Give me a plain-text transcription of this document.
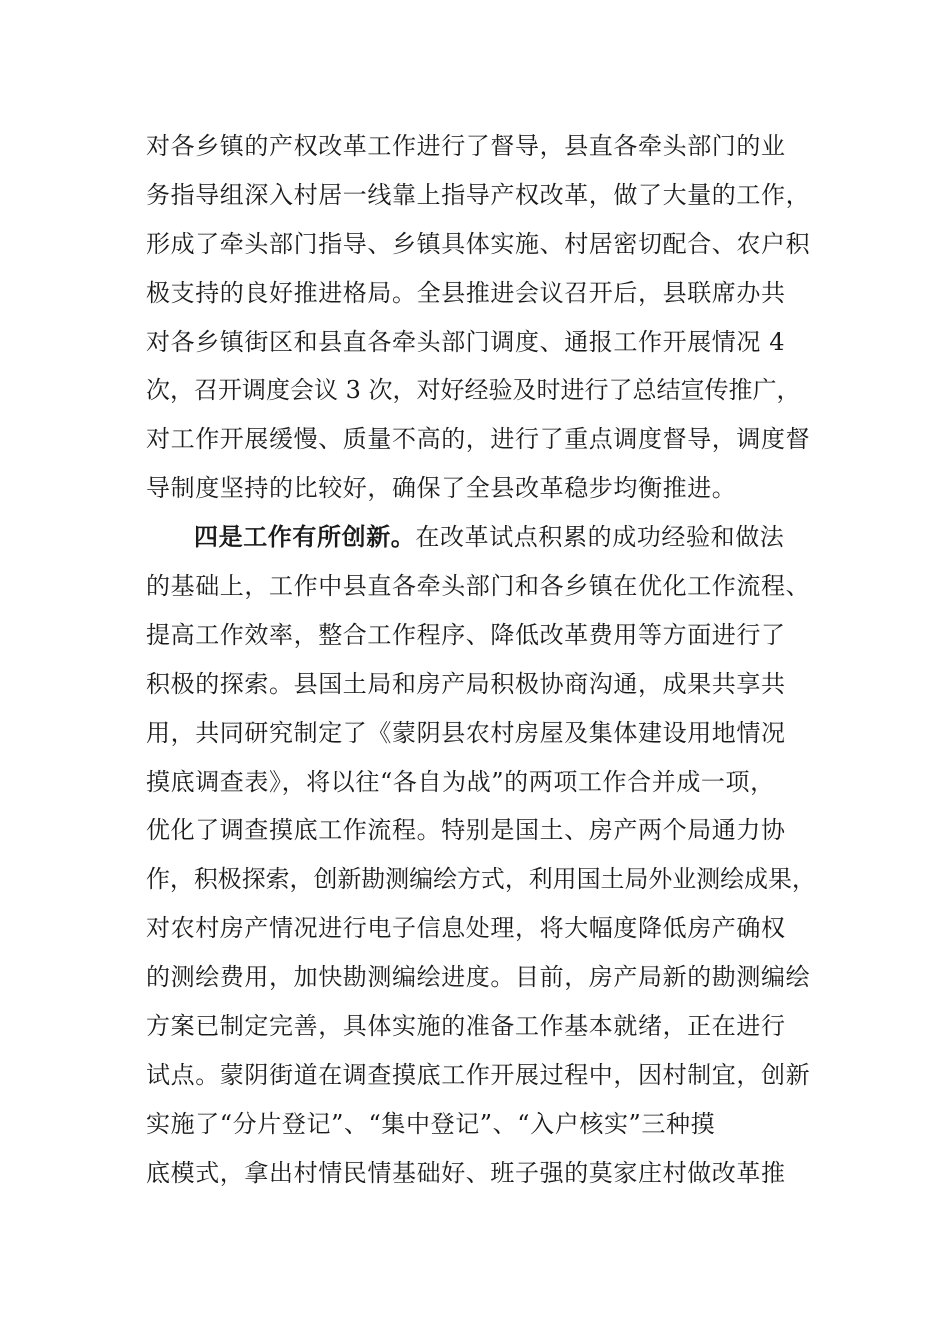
对各乡镇的产权改革工作进行了督导，县直各牵头部门的业
务指导组深入村居一线靠上指导产权改革，做了大量的工作，
形成了牵头部门指导、乡镇具体实施、村居密切配合、农户积
极支持的良好推进格局。全县推进会议召开后，县联席办共
对各乡镇街区和县直各牵头部门调度、通报工作开展情况 4
次，召开调度会议 3 次，对好经验及时进行了总结宣传推广，
对工作开展缓慢、质量不高的，进行了重点调度督导，调度督
导制度坚持的比较好，确保了全县改革稳步均衡推进。
四是工作有所创新。在改革试点积累的成功经验和做法
的基础上，工作中县直各牵头部门和各乡镇在优化工作流程、
提高工作效率，整合工作程序、降低改革费用等方面进行了
积极的探索。县国土局和房产局积极协商沟通，成果共享共
用，共同研究制定了《蒙阴县农村房屋及集体建设用地情况
摸底调查表》，将以往“各自为战”的两项工作合并成一项，
优化了调查摸底工作流程。特别是国土、房产两个局通力协
作，积极探索，创新勘测编绘方式，利用国土局外业测绘成果，
对农村房产情况进行电子信息处理，将大幅度降低房产确权
的测绘费用，加快勘测编绘进度。目前，房产局新的勘测编绘
方案已制定完善，具体实施的准备工作基本就绪，正在进行
试点。蒙阴街道在调查摸底工作开展过程中，因村制宜，创新
实施了“分片登记”、“集中登记”、“入户核实”三种摸
底模式，拿出村情民情基础好、班子强的莫家庄村做改革推
